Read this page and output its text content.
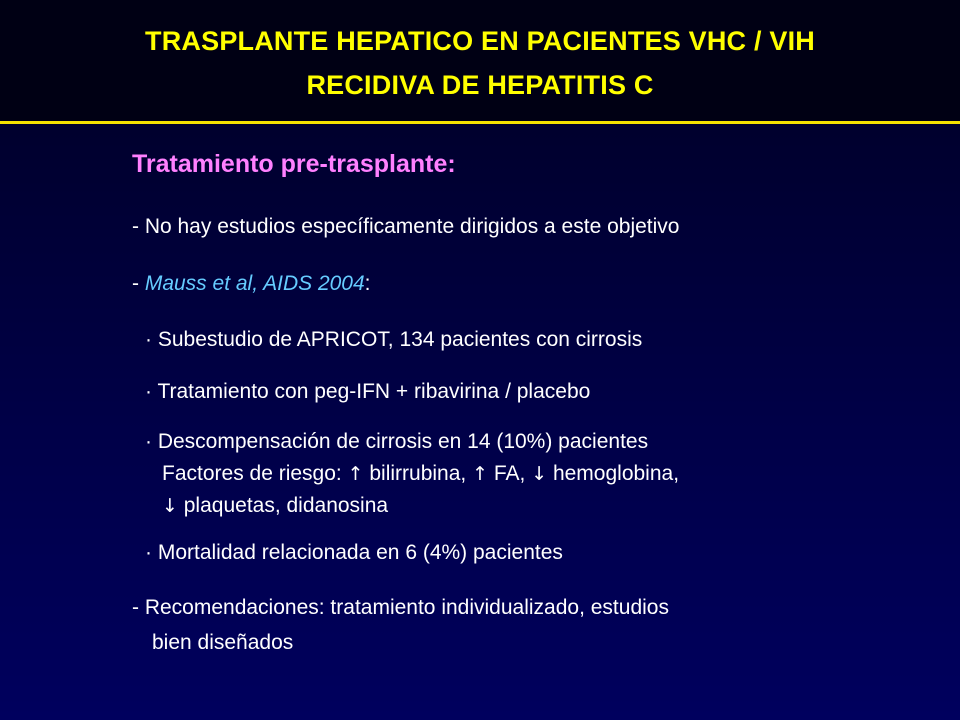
TRASPLANTE HEPATICO EN PACIENTES VHC / VIH
RECIDIVA DE HEPATITIS C
Tratamiento pre-trasplante:
- No hay estudios específicamente dirigidos a este objetivo
- Mauss et al, AIDS 2004:
· Subestudio de APRICOT, 134 pacientes con cirrosis
· Tratamiento con peg-IFN + ribavirina / placebo
· Descompensación de cirrosis en 14 (10%) pacientes
Factores de riesgo: ↑ bilirrubina, ↑ FA, ↓ hemoglobina,
↓ plaquetas, didanosina
· Mortalidad relacionada en 6 (4%) pacientes
- Recomendaciones: tratamiento individualizado, estudios
bien diseñados
